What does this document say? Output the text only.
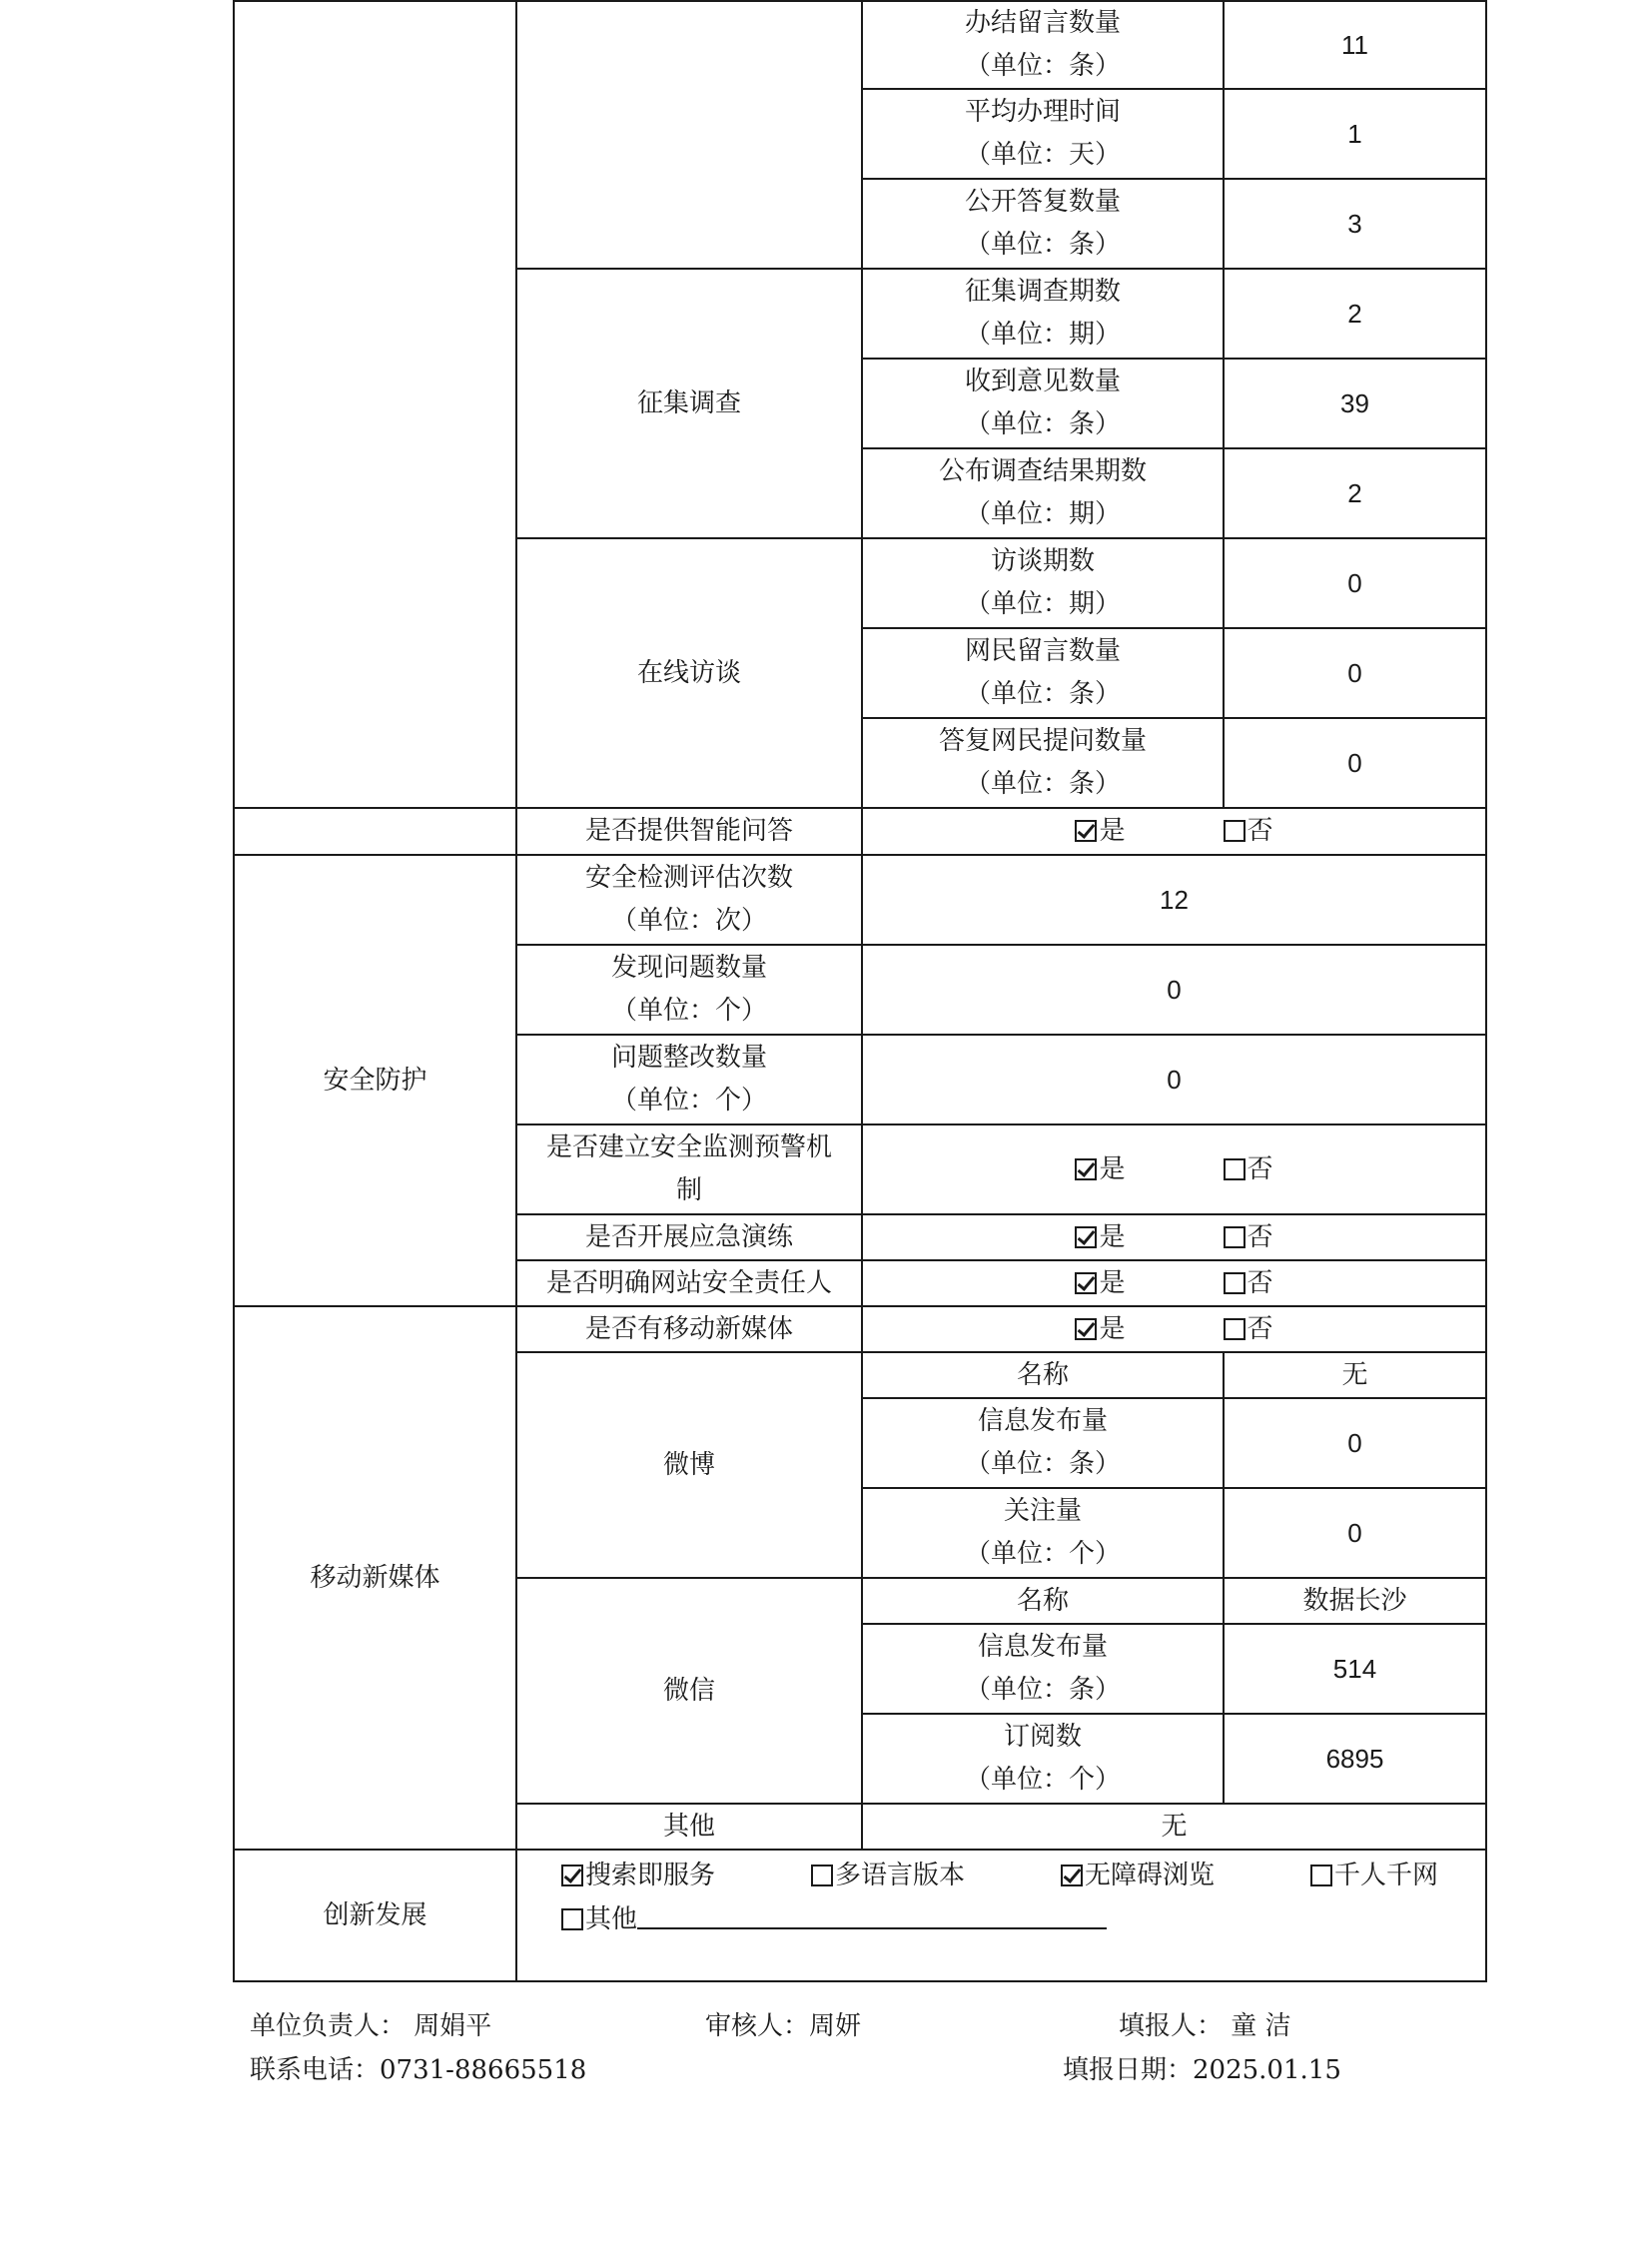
		办结留言数量
（单位：条）	11

		平均办理时间
（单位：天）	1

		公开答复数量
（单位：条）	3
	征集调查	征集调查期数
（单位：期）	2

		收到意见数量
（单位：条）	39

		公布调查结果期数
（单位：期）	2
	在线访谈	访谈期数
（单位：期）	0

		网民留言数量
（单位：条）	0

		答复网民提问数量
（单位：条）	0
	是否提供智能问答	是 否	
安全防护	安全检测评估次数
（单位：次）	12	

	发现问题数量
（单位：个）	0	

	问题整改数量
（单位：个）	0	

	是否建立安全监测预警机
制	是 否	
	是否开展应急演练	是 否	
	是否明确网站安全责任人	是 否	
移动新媒体	是否有移动新媒体	是 否	
	微博	名称	无

		信息发布量
（单位：条）	0

		关注量
（单位：个）	0
	微信	名称	数据长沙

		信息发布量
（单位：条）	514

		订阅数
（单位：个）	6895
	其他	无	
创新发展	搜索即服务 多语言版本 无障碍浏览 千人千网
其他		
单位负责人： 周娟平	审核人：周妍	填报人： 童 洁
联系电话：0731-88665518	填报日期：2025.01.15
